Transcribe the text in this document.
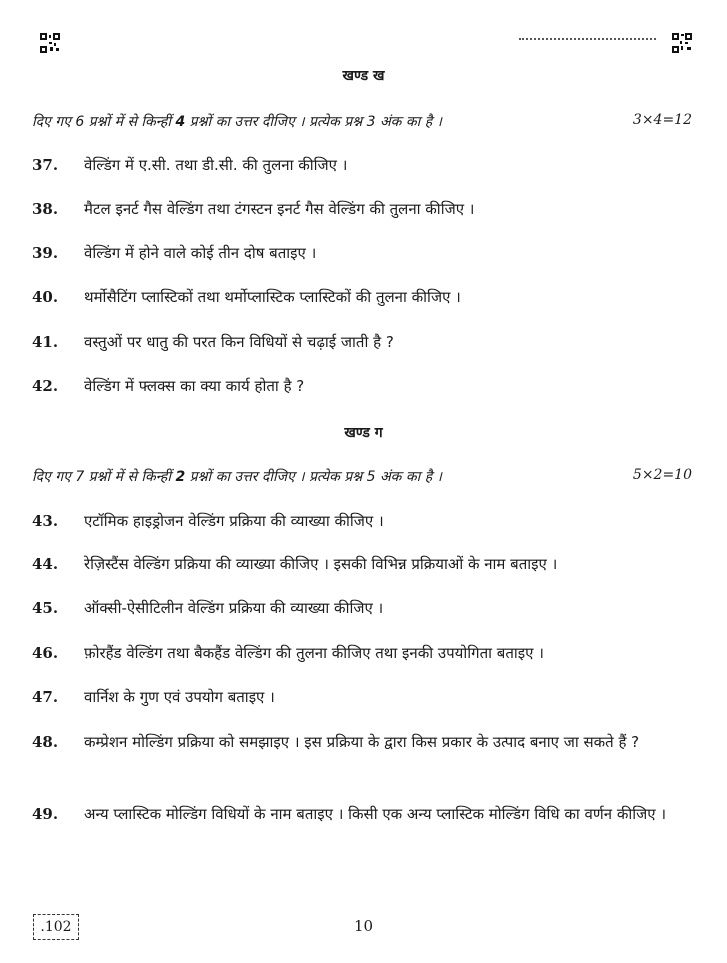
खण्ड ख
दिए गए 6 प्रश्नों में से किन्हीं 4 प्रश्नों का उत्तर दीजिए । प्रत्येक प्रश्न 3 अंक का है ।	3×4=12
37. वेल्डिंग में ए.सी. तथा डी.सी. की तुलना कीजिए ।
38. मैटल इनर्ट गैस वेल्डिंग तथा टंगस्टन इनर्ट गैस वेल्डिंग की तुलना कीजिए ।
39. वेल्डिंग में होने वाले कोई तीन दोष बताइए ।
40. थर्मोसैटिंग प्लास्टिकों तथा थर्मोप्लास्टिक प्लास्टिकों की तुलना कीजिए ।
41. वस्तुओं पर धातु की परत किन विधियों से चढ़ाई जाती है ?
42. वेल्डिंग में फ्लक्स का क्या कार्य होता है ?
खण्ड ग
दिए गए 7 प्रश्नों में से किन्हीं 2 प्रश्नों का उत्तर दीजिए । प्रत्येक प्रश्न 5 अंक का है ।	5×2=10
43. एटॉमिक हाइड्रोजन वेल्डिंग प्रक्रिया की व्याख्या कीजिए ।
44. रेज़िस्टैंस वेल्डिंग प्रक्रिया की व्याख्या कीजिए । इसकी विभिन्न प्रक्रियाओं के नाम बताइए ।
45. ऑक्सी-ऐसीटिलीन वेल्डिंग प्रक्रिया की व्याख्या कीजिए ।
46. फ़ोरहैंड वेल्डिंग तथा बैकहैंड वेल्डिंग की तुलना कीजिए तथा इनकी उपयोगिता बताइए ।
47. वार्निश के गुण एवं उपयोग बताइए ।
48. कम्प्रेशन मोल्डिंग प्रक्रिया को समझाइए । इस प्रक्रिया के द्वारा किस प्रकार के उत्पाद बनाए जा सकते हैं ?
49. अन्य प्लास्टिक मोल्डिंग विधियों के नाम बताइए । किसी एक अन्य प्लास्टिक मोल्डिंग विधि का वर्णन कीजिए ।
.102	10
